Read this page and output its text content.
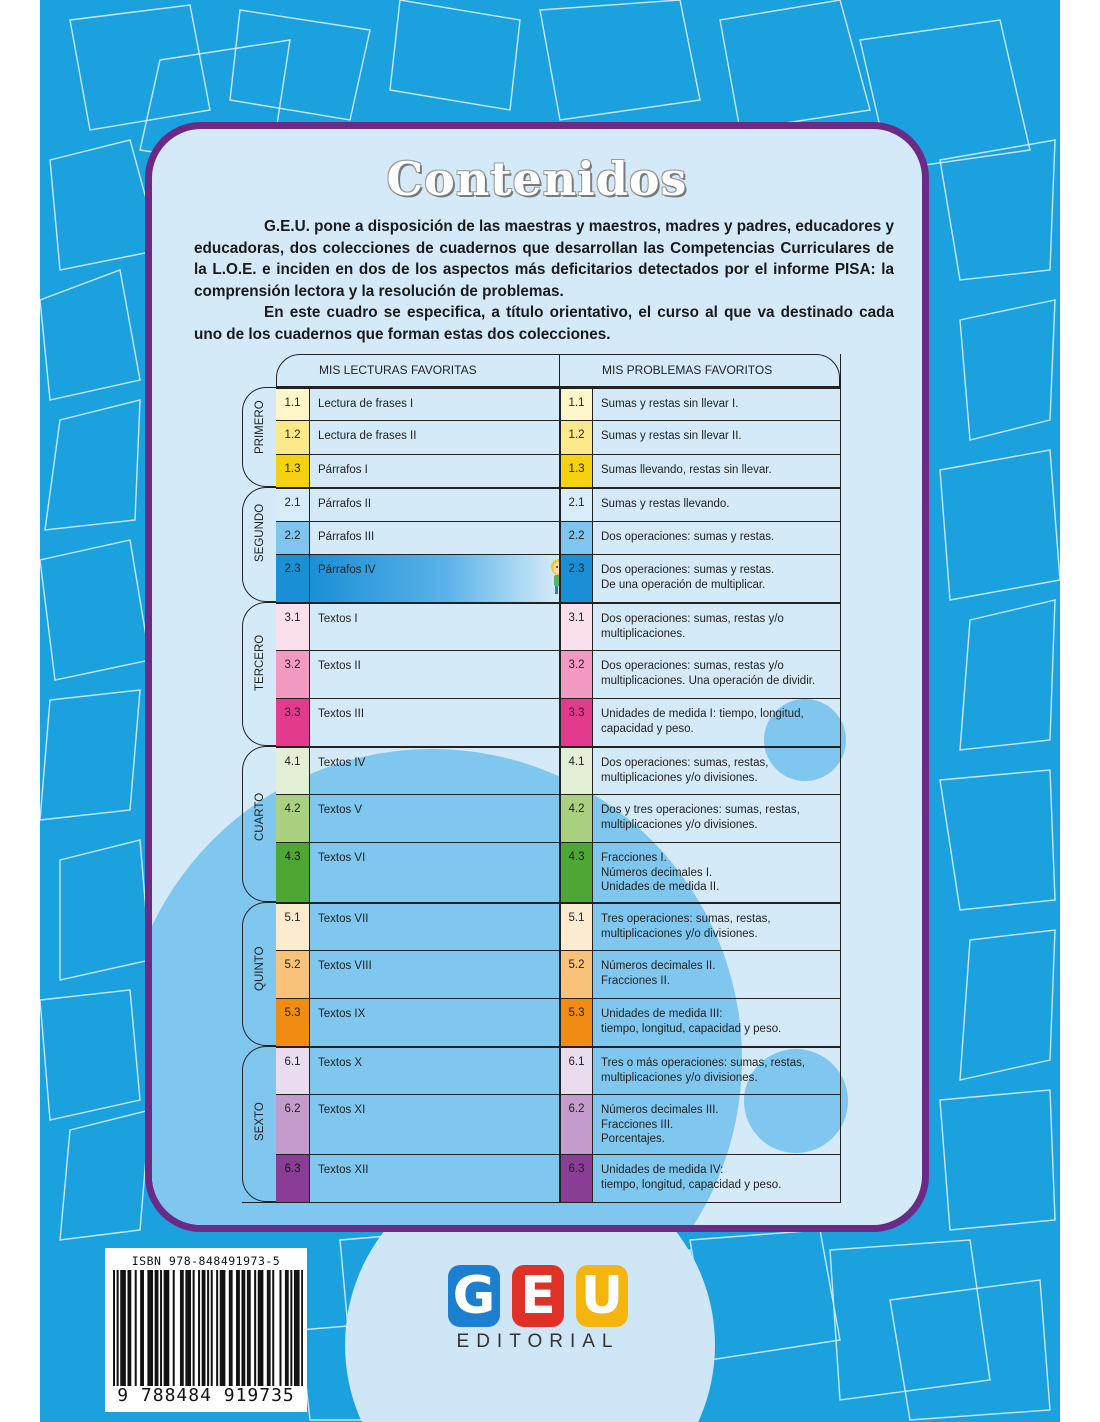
Contenidos

G.E.U. pone a disposición de las maestras y maestros, madres y padres, educadores y educadoras, dos colecciones de cuadernos que desarrollan las Competencias Curriculares de la L.O.E. e inciden en dos de los aspectos más deficitarios detectados por el informe PISA: la comprensión lectora y la resolución de problemas.

En este cuadro se especifica, a título orientativo, el curso al que va destinado cada uno de los cuadernos que forman estas dos colecciones.

MIS LECTURAS FAVORITAS	MIS PROBLEMAS FAVORITOS
1.1	Lectura de frases I	1.1	Sumas y restas sin llevar I.
1.2	Lectura de frases II	1.2	Sumas y restas sin llevar II.
1.3	Párrafos I	1.3	Sumas llevando, restas sin llevar.
PRIMERO
2.1	Párrafos II	2.1	Sumas y restas llevando.
2.2	Párrafos III	2.2	Dos operaciones: sumas y restas.
2.3	Párrafos IV	2.3	Dos operaciones: sumas y restas.
De una operación de multiplicar.
SEGUNDO
3.1	Textos I	3.1	Dos operaciones: sumas, restas y/o
multiplicaciones.
3.2	Textos II	3.2	Dos operaciones: sumas, restas y/o
multiplicaciones. Una operación de dividir.
3.3	Textos III	3.3	Unidades de medida I: tiempo, longitud,
capacidad y peso.
TERCERO
4.1	Textos IV	4.1	Dos operaciones: sumas, restas,
multiplicaciones y/o divisiones.
4.2	Textos V	4.2	Dos y tres operaciones: sumas, restas,
multiplicaciones y/o divisiones.
4.3	Textos VI	4.3	Fracciones I.
Números decimales I.
Unidades de medida II.
CUARTO
5.1	Textos VII	5.1	Tres operaciones: sumas, restas,
multiplicaciones y/o divisiones.
5.2	Textos VIII	5.2	Números decimales II.
Fracciones II.
5.3	Textos IX	5.3	Unidades de medida III:
tiempo, longitud, capacidad y peso.
QUINTO
6.1	Textos X	6.1	Tres o más operaciones: sumas, restas,
multiplicaciones y/o divisiones.
6.2	Textos XI	6.2	Números decimales III.
Fracciones III.
Porcentajes.
6.3	Textos XII	6.3	Unidades de medida IV:
tiempo, longitud, capacidad y peso.
SEXTO
ISBN 978-848491973-5
9 788484 919735
G E U
EDITORIAL
